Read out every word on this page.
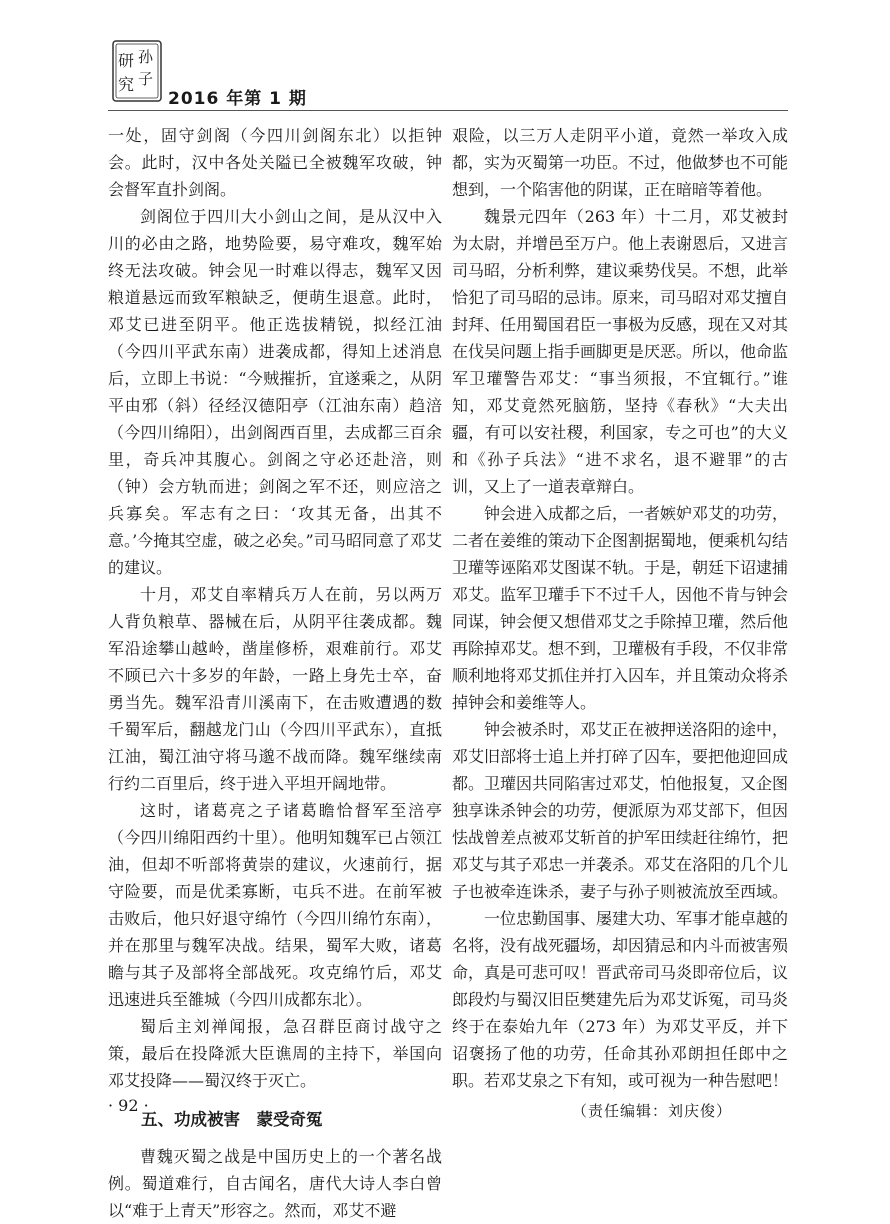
研 孙
究 子
2016 年第 1 期

一处，固守剑阁（今四川剑阁东北）以拒钟会。此时，汉中各处关隘已全被魏军攻破，钟会督军直扑剑阁。

剑阁位于四川大小剑山之间，是从汉中入川的必由之路，地势险要，易守难攻，魏军始终无法攻破。钟会见一时难以得志，魏军又因粮道悬远而致军粮缺乏，便萌生退意。此时，邓艾已进至阴平。他正选拔精锐，拟经江油（今四川平武东南）进袭成都，得知上述消息后，立即上书说：“今贼摧折，宜遂乘之，从阴平由邪（斜）径经汉德阳亭（江油东南）趋涪（今四川绵阳），出剑阁西百里，去成都三百余里，奇兵冲其腹心。剑阁之守必还赴涪，则（钟）会方轨而进；剑阁之军不还，则应涪之兵寡矣。军志有之曰：‘攻其无备，出其不意。’今掩其空虚，破之必矣。”司马昭同意了邓艾的建议。

十月，邓艾自率精兵万人在前，另以两万人背负粮草、器械在后，从阴平往袭成都。魏军沿途攀山越岭，凿崖修桥，艰难前行。邓艾不顾已六十多岁的年龄，一路上身先士卒，奋勇当先。魏军沿青川溪南下，在击败遭遇的数千蜀军后，翻越龙门山（今四川平武东），直抵江油，蜀江油守将马邈不战而降。魏军继续南行约二百里后，终于进入平坦开阔地带。

这时，诸葛亮之子诸葛瞻恰督军至涪亭（今四川绵阳西约十里）。他明知魏军已占领江油，但却不听部将黄崇的建议，火速前行，据守险要，而是优柔寡断，屯兵不进。在前军被击败后，他只好退守绵竹（今四川绵竹东南），并在那里与魏军决战。结果，蜀军大败，诸葛瞻与其子及部将全部战死。攻克绵竹后，邓艾迅速进兵至雒城（今四川成都东北）。

蜀后主刘禅闻报，急召群臣商讨战守之策，最后在投降派大臣谯周的主持下，举国向邓艾投降——蜀汉终于灭亡。

五、功成被害　蒙受奇冤

曹魏灭蜀之战是中国历史上的一个著名战例。蜀道难行，自古闻名，唐代大诗人李白曾以“难于上青天”形容之。然而，邓艾不避

艰险，以三万人走阴平小道，竟然一举攻入成都，实为灭蜀第一功臣。不过，他做梦也不可能想到，一个陷害他的阴谋，正在暗暗等着他。

魏景元四年（263 年）十二月，邓艾被封为太尉，并增邑至万户。他上表谢恩后，又进言司马昭，分析利弊，建议乘势伐吴。不想，此举恰犯了司马昭的忌讳。原来，司马昭对邓艾擅自封拜、任用蜀国君臣一事极为反感，现在又对其在伐吴问题上指手画脚更是厌恶。所以，他命监军卫瓘警告邓艾：“事当须报，不宜辄行。”谁知，邓艾竟然死脑筋，坚持《春秋》“大夫出疆，有可以安社稷，利国家，专之可也”的大义和《孙子兵法》“进不求名，退不避罪”的古训，又上了一道表章辩白。

钟会进入成都之后，一者嫉妒邓艾的功劳，二者在姜维的策动下企图割据蜀地，便乘机勾结卫瓘等诬陷邓艾图谋不轨。于是，朝廷下诏逮捕邓艾。监军卫瓘手下不过千人，因他不肯与钟会同谋，钟会便又想借邓艾之手除掉卫瓘，然后他再除掉邓艾。想不到，卫瓘极有手段，不仅非常顺利地将邓艾抓住并打入囚车，并且策动众将杀掉钟会和姜维等人。

钟会被杀时，邓艾正在被押送洛阳的途中，邓艾旧部将士追上并打碎了囚车，要把他迎回成都。卫瓘因共同陷害过邓艾，怕他报复，又企图独享诛杀钟会的功劳，便派原为邓艾部下，但因怯战曾差点被邓艾斩首的护军田续赶往绵竹，把邓艾与其子邓忠一并袭杀。邓艾在洛阳的几个儿子也被牵连诛杀，妻子与孙子则被流放至西域。

一位忠勤国事、屡建大功、军事才能卓越的名将，没有战死疆场，却因猜忌和内斗而被害殒命，真是可悲可叹！晋武帝司马炎即帝位后，议郎段灼与蜀汉旧臣樊建先后为邓艾诉冤，司马炎终于在泰始九年（273 年）为邓艾平反，并下诏褒扬了他的功劳，任命其孙邓朗担任郎中之职。若邓艾泉之下有知，或可视为一种告慰吧！

（责任编辑：刘庆俊）
· 92 ·
